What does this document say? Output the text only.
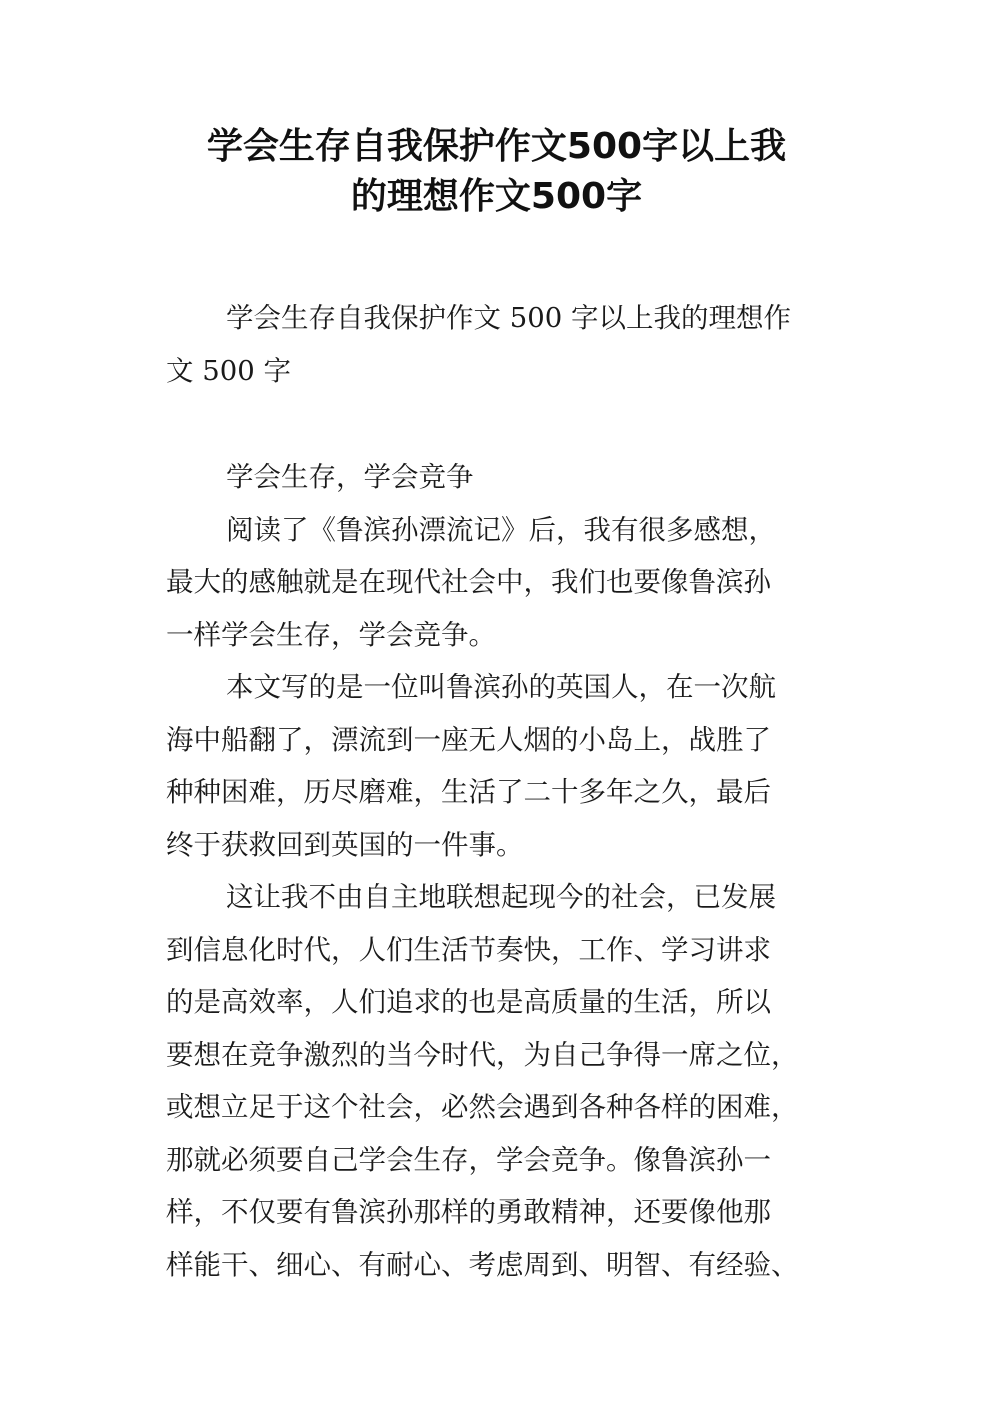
学会生存自我保护作文500字以上我
的理想作文500字
学会生存自我保护作文 500 字以上我的理想作
文 500 字
学会生存，学会竞争
阅读了《鲁滨孙漂流记》后，我有很多感想，
最大的感触就是在现代社会中，我们也要像鲁滨孙
一样学会生存，学会竞争。
本文写的是一位叫鲁滨孙的英国人，在一次航
海中船翻了，漂流到一座无人烟的小岛上，战胜了
种种困难，历尽磨难，生活了二十多年之久，最后
终于获救回到英国的一件事。
这让我不由自主地联想起现今的社会，已发展
到信息化时代，人们生活节奏快，工作、学习讲求
的是高效率，人们追求的也是高质量的生活，所以
要想在竞争激烈的当今时代，为自己争得一席之位，
或想立足于这个社会，必然会遇到各种各样的困难，
那就必须要自己学会生存，学会竞争。像鲁滨孙一
样，不仅要有鲁滨孙那样的勇敢精神，还要像他那
样能干、细心、有耐心、考虑周到、明智、有经验、
